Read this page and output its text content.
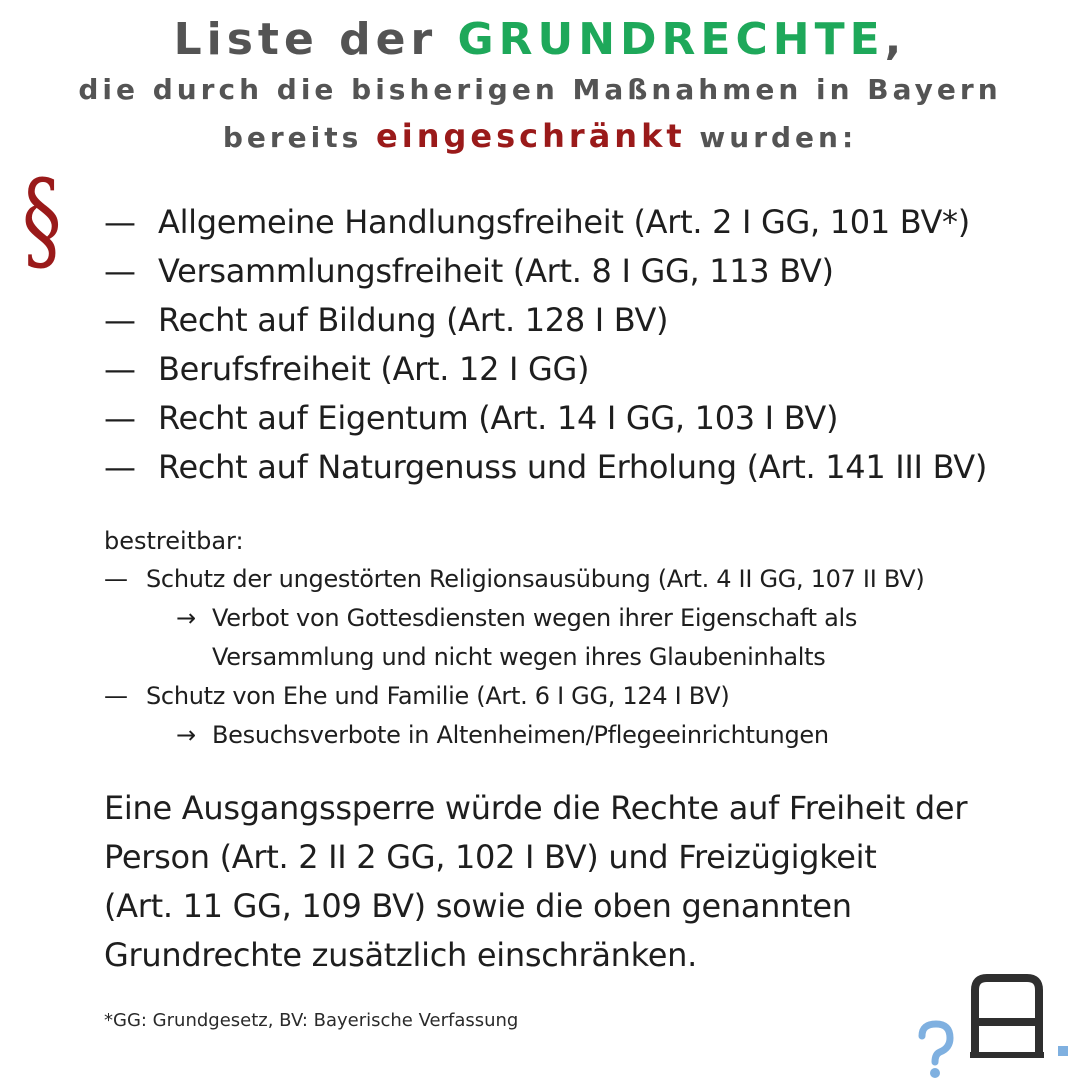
Liste der GRUNDRECHTE,
die durch die bisherigen Maßnahmen in Bayern
bereits eingeschränkt wurden:
§ — Allgemeine Handlungsfreiheit (Art. 2 I GG, 101 BV*)
— Versammlungsfreiheit (Art. 8 I GG, 113 BV)
— Recht auf Bildung (Art. 128 I BV)
— Berufsfreiheit (Art. 12 I GG)
— Recht auf Eigentum (Art. 14 I GG, 103 I BV)
— Recht auf Naturgenuss und Erholung (Art. 141 III BV)
bestreitbar:
— Schutz der ungestörten Religionsausübung (Art. 4 II GG, 107 II BV)
→ Verbot von Gottesdiensten wegen ihrer Eigenschaft als
Versammlung und nicht wegen ihres Glaubeninhalts
— Schutz von Ehe und Familie (Art. 6 I GG, 124 I BV)
→ Besuchsverbote in Altenheimen/Pflegeeinrichtungen
Eine Ausgangssperre würde die Rechte auf Freiheit der
Person (Art. 2 II 2 GG, 102 I BV) und Freizügigkeit
(Art. 11 GG, 109 BV) sowie die oben genannten
Grundrechte zusätzlich einschränken.
*GG: Grundgesetz, BV: Bayerische Verfassung
